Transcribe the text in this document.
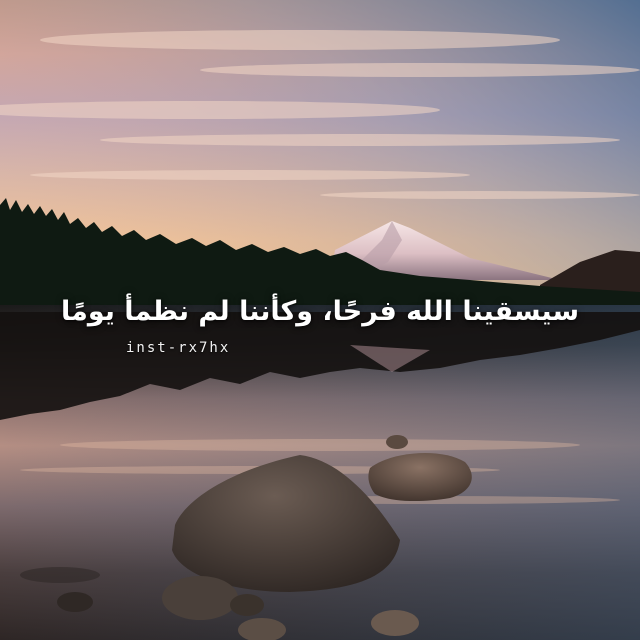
سيسقينا الله فرحًا، وكأننا لم نظمأ يومًا
inst-rx7hx
